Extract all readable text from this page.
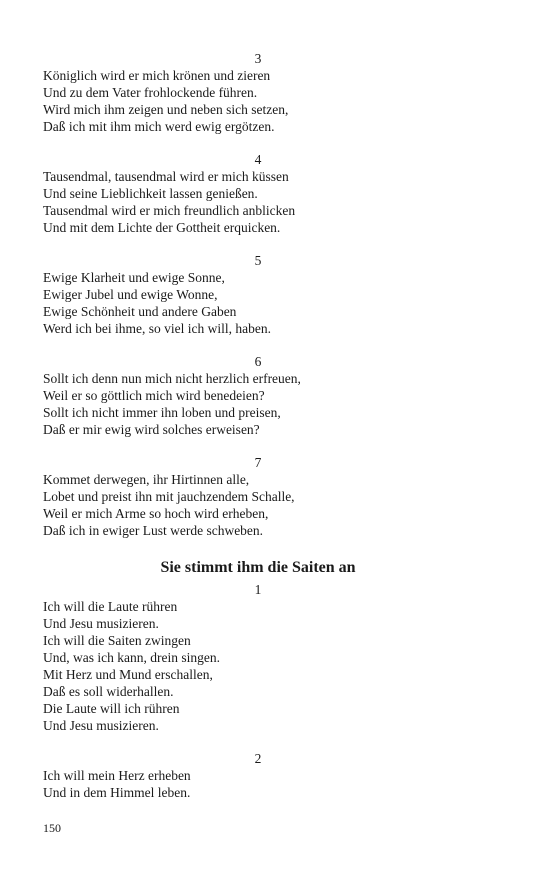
3
Königlich wird er mich krönen und zieren
Und zu dem Vater frohlockende führen.
Wird mich ihm zeigen und neben sich setzen,
Daß ich mit ihm mich werd ewig ergötzen.
4
Tausendmal, tausendmal wird er mich küssen
Und seine Lieblichkeit lassen genießen.
Tausendmal wird er mich freundlich anblicken
Und mit dem Lichte der Gottheit erquicken.
5
Ewige Klarheit und ewige Sonne,
Ewiger Jubel und ewige Wonne,
Ewige Schönheit und andere Gaben
Werd ich bei ihme, so viel ich will, haben.
6
Sollt ich denn nun mich nicht herzlich erfreuen,
Weil er so göttlich mich wird benedeien?
Sollt ich nicht immer ihn loben und preisen,
Daß er mir ewig wird solches erweisen?
7
Kommet derwegen, ihr Hirtinnen alle,
Lobet und preist ihn mit jauchzendem Schalle,
Weil er mich Arme so hoch wird erheben,
Daß ich in ewiger Lust werde schweben.
Sie stimmt ihm die Saiten an
1
Ich will die Laute rühren
Und Jesu musizieren.
Ich will die Saiten zwingen
Und, was ich kann, drein singen.
Mit Herz und Mund erschallen,
Daß es soll widerhallen.
Die Laute will ich rühren
Und Jesu musizieren.
2
Ich will mein Herz erheben
Und in dem Himmel leben.
150
